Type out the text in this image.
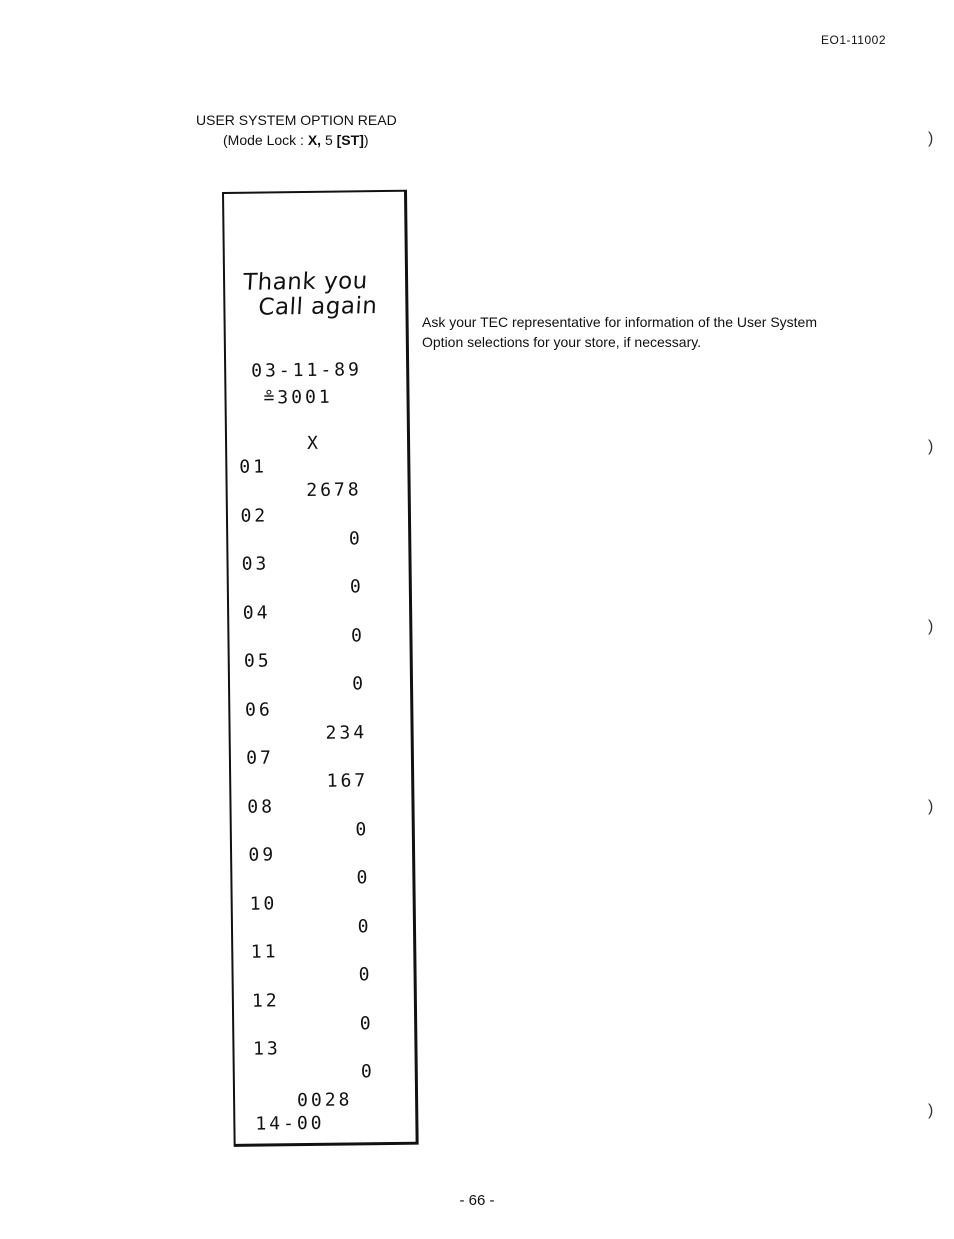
EO1-11002
USER SYSTEM OPTION READ
(Mode Lock : X, 5 [ST])
Thank you
Call again
03-11-89
≗3001
X
01
2678
02
0
03
0
04
0
05
0
06
234
07
167
08
0
09
0
10
0
11
0
12
0
13
0
0028
14-00
Ask your TEC representative for information of the User System Option selections for your store, if necessary.
)
)
)
)
)
- 66 -
